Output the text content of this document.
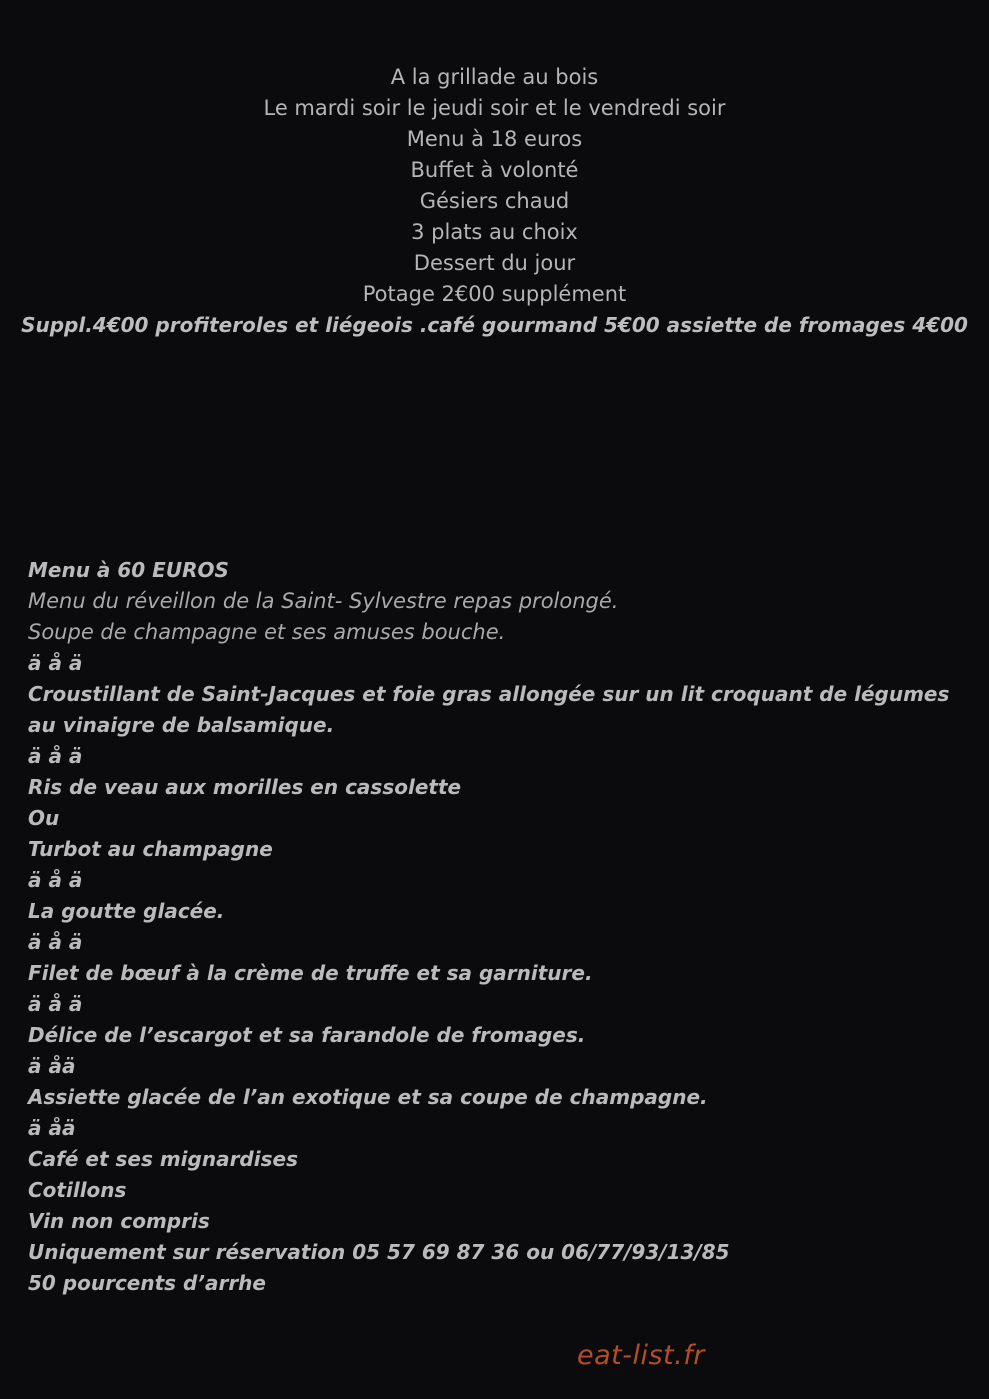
A la grillade au bois
Le mardi soir le jeudi soir et le vendredi soir
Menu à 18 euros
Buffet à volonté
Gésiers chaud
3 plats au choix
Dessert du jour
Potage 2€00 supplément
Suppl.4€00 profiteroles et liégeois .café gourmand 5€00 assiette de fromages 4€00
Menu à 60 EUROS
Menu du réveillon de la Saint- Sylvestre repas prolongé.
Soupe de champagne et ses amuses bouche.
ä å ä
Croustillant de Saint-Jacques et foie gras allongée sur un lit croquant de légumes au vinaigre de balsamique.
ä å ä
Ris de veau aux morilles en cassolette
Ou
Turbot au champagne
ä å ä
La goutte glacée.
ä å ä
Filet de bœuf à la crème de truffe et sa garniture.
ä å ä
Délice de l’escargot et sa farandole de fromages.
ä åä
Assiette glacée de l’an exotique et sa coupe de champagne.
ä åä
Café et ses mignardises
Cotillons
Vin non compris
Uniquement sur réservation 05 57 69 87 36 ou 06/77/93/13/85
50 pourcents d’arrhe
eat-list.fr
